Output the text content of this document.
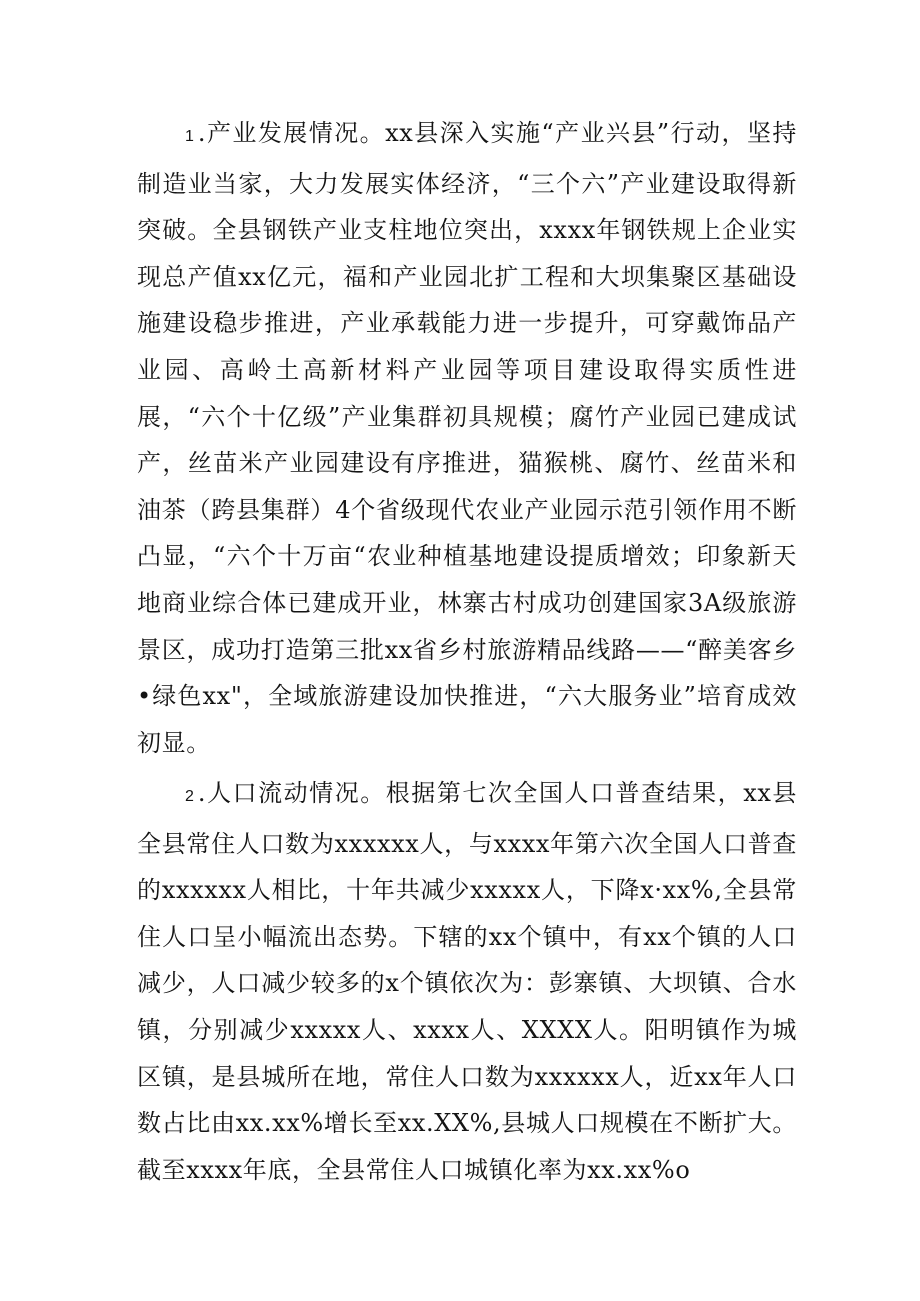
1 .产业发展情况。xx县深入实施“产业兴县”行动，坚持制造业当家，大力发展实体经济，“三个六”产业建设取得新突破。全县钢铁产业支柱地位突出，xxxx年钢铁规上企业实现总产值xx亿元，福和产业园北扩工程和大坝集聚区基础设施建设稳步推进，产业承载能力进一步提升，可穿戴饰品产业园、高岭土高新材料产业园等项目建设取得实质性进展，“六个十亿级”产业集群初具规模；腐竹产业园已建成试产，丝苗米产业园建设有序推进，猫猴桃、腐竹、丝苗米和油茶（跨县集群）4个省级现代农业产业园示范引领作用不断凸显，“六个十万亩“农业种植基地建设提质增效；印象新天地商业综合体已建成开业，林寨古村成功创建国家3A级旅游景区，成功打造第三批xx省乡村旅游精品线路——“醉美客乡•绿色xx"，全域旅游建设加快推进，“六大服务业”培育成效初显。

2 .人口流动情况。根据第七次全国人口普查结果，xx县全县常住人口数为xxxxxx人，与xxxx年第六次全国人口普查的xxxxxx人相比，十年共减少xxxxx人，下降x·xx%,全县常住人口呈小幅流出态势。下辖的xx个镇中，有xx个镇的人口减少，人口减少较多的x个镇依次为：彭寨镇、大坝镇、合水镇，分别减少xxxxx人、xxxx人、XXXX人。阳明镇作为城区镇，是县城所在地，常住人口数为xxxxxx人，近xx年人口数占比由xx.xx%增长至xx.XX%,县城人口规模在不断扩大。截至xxxx年底，全县常住人口城镇化率为xx.xx%o
